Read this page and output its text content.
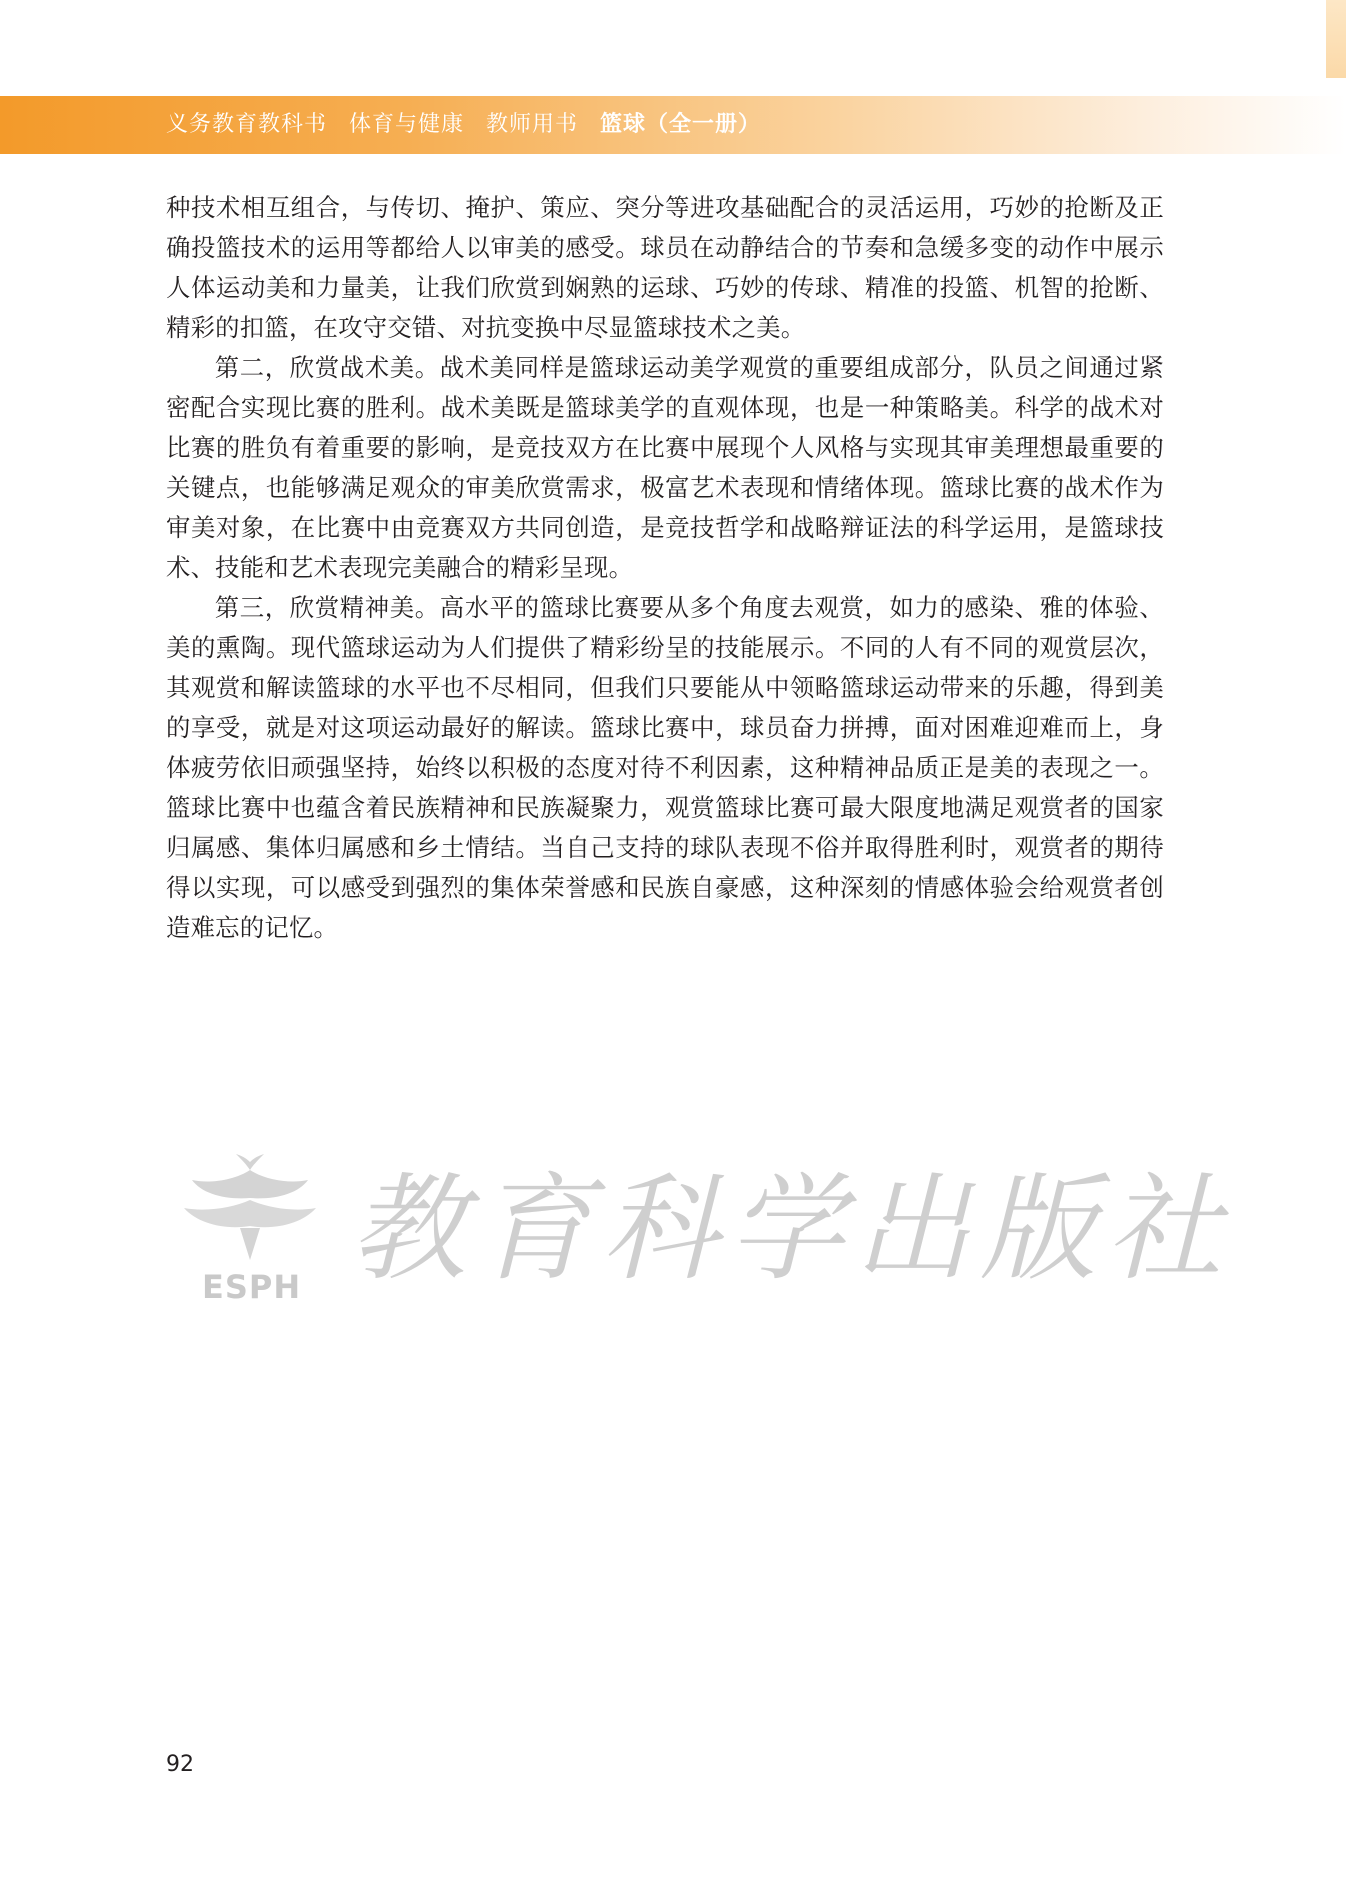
义务教育教科书 体育与健康 教师用书 篮球（全一册）

种技术相互组合，与传切、掩护、策应、突分等进攻基础配合的灵活运用，巧妙的抢断及正确投篮技术的运用等都给人以审美的感受。球员在动静结合的节奏和急缓多变的动作中展示人体运动美和力量美，让我们欣赏到娴熟的运球、巧妙的传球、精准的投篮、机智的抢断、精彩的扣篮，在攻守交错、对抗变换中尽显篮球技术之美。

第二，欣赏战术美。战术美同样是篮球运动美学观赏的重要组成部分，队员之间通过紧密配合实现比赛的胜利。战术美既是篮球美学的直观体现，也是一种策略美。科学的战术对比赛的胜负有着重要的影响，是竞技双方在比赛中展现个人风格与实现其审美理想最重要的关键点，也能够满足观众的审美欣赏需求，极富艺术表现和情绪体现。篮球比赛的战术作为审美对象，在比赛中由竞赛双方共同创造，是竞技哲学和战略辩证法的科学运用，是篮球技术、技能和艺术表现完美融合的精彩呈现。

第三，欣赏精神美。高水平的篮球比赛要从多个角度去观赏，如力的感染、雅的体验、美的熏陶。现代篮球运动为人们提供了精彩纷呈的技能展示。不同的人有不同的观赏层次，其观赏和解读篮球的水平也不尽相同，但我们只要能从中领略篮球运动带来的乐趣，得到美的享受，就是对这项运动最好的解读。篮球比赛中，球员奋力拼搏，面对困难迎难而上，身体疲劳依旧顽强坚持，始终以积极的态度对待不利因素，这种精神品质正是美的表现之一。篮球比赛中也蕴含着民族精神和民族凝聚力，观赏篮球比赛可最大限度地满足观赏者的国家归属感、集体归属感和乡土情结。当自己支持的球队表现不俗并取得胜利时，观赏者的期待得以实现，可以感受到强烈的集体荣誉感和民族自豪感，这种深刻的情感体验会给观赏者创造难忘的记忆。

ESPH 教育科学出版社
92
